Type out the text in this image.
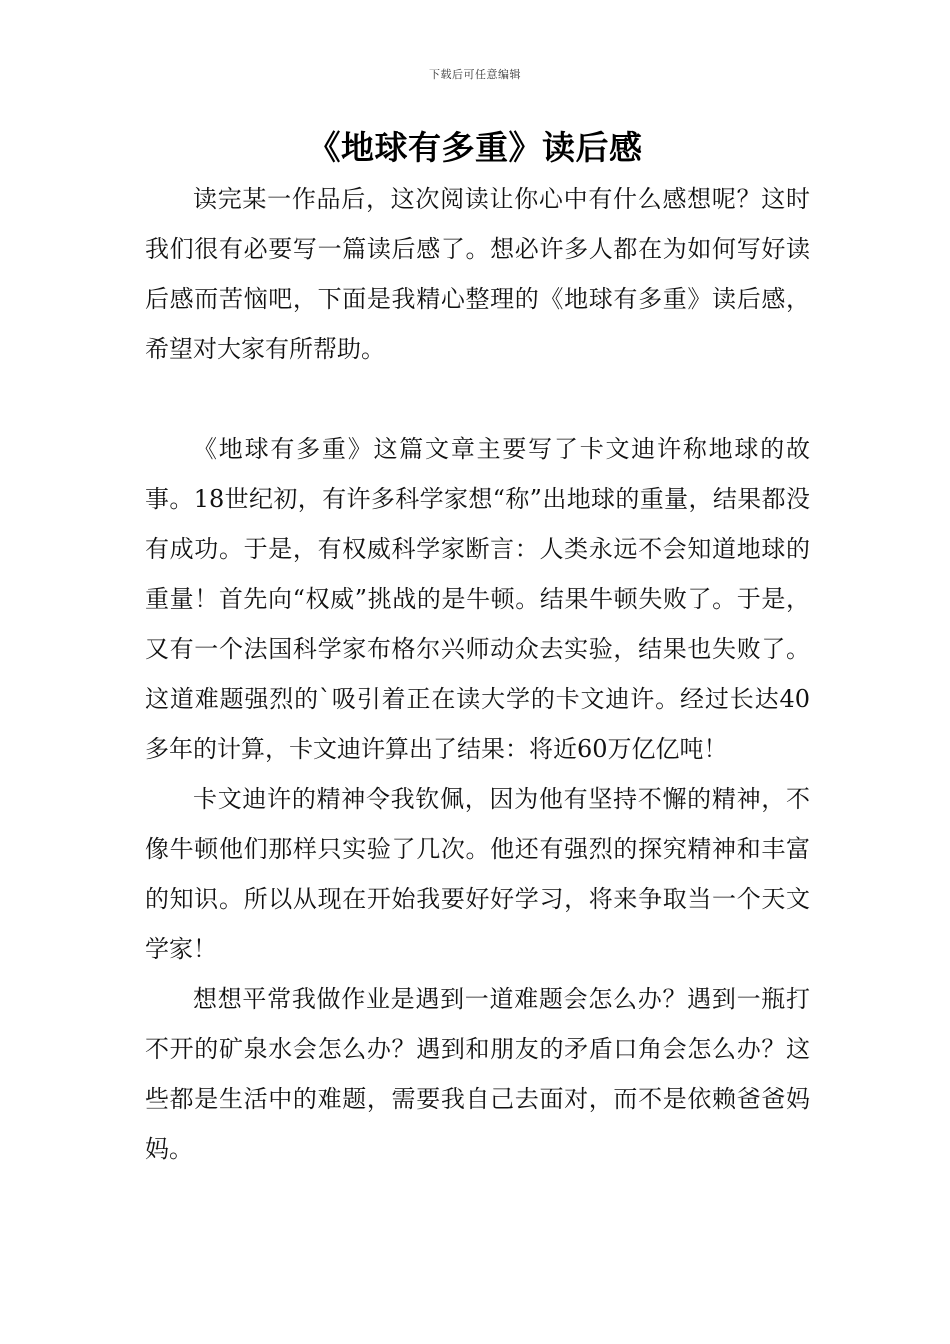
下载后可任意编辑
《地球有多重》读后感

读完某一作品后，这次阅读让你心中有什么感想呢？这时我们很有必要写一篇读后感了。想必许多人都在为如何写好读后感而苦恼吧，下面是我精心整理的《地球有多重》读后感，希望对大家有所帮助。

《地球有多重》这篇文章主要写了卡文迪许称地球的故事。18世纪初，有许多科学家想“称”出地球的重量，结果都没有成功。于是，有权威科学家断言：人类永远不会知道地球的重量！首先向“权威”挑战的是牛顿。结果牛顿失败了。于是，又有一个法国科学家布格尔兴师动众去实验，结果也失败了。这道难题强烈的`吸引着正在读大学的卡文迪许。经过长达40多年的计算，卡文迪许算出了结果：将近60万亿亿吨！

卡文迪许的精神令我钦佩，因为他有坚持不懈的精神，不像牛顿他们那样只实验了几次。他还有强烈的探究精神和丰富的知识。所以从现在开始我要好好学习，将来争取当一个天文学家！

想想平常我做作业是遇到一道难题会怎么办？遇到一瓶打不开的矿泉水会怎么办？遇到和朋友的矛盾口角会怎么办？这些都是生活中的难题，需要我自己去面对，而不是依赖爸爸妈妈。
